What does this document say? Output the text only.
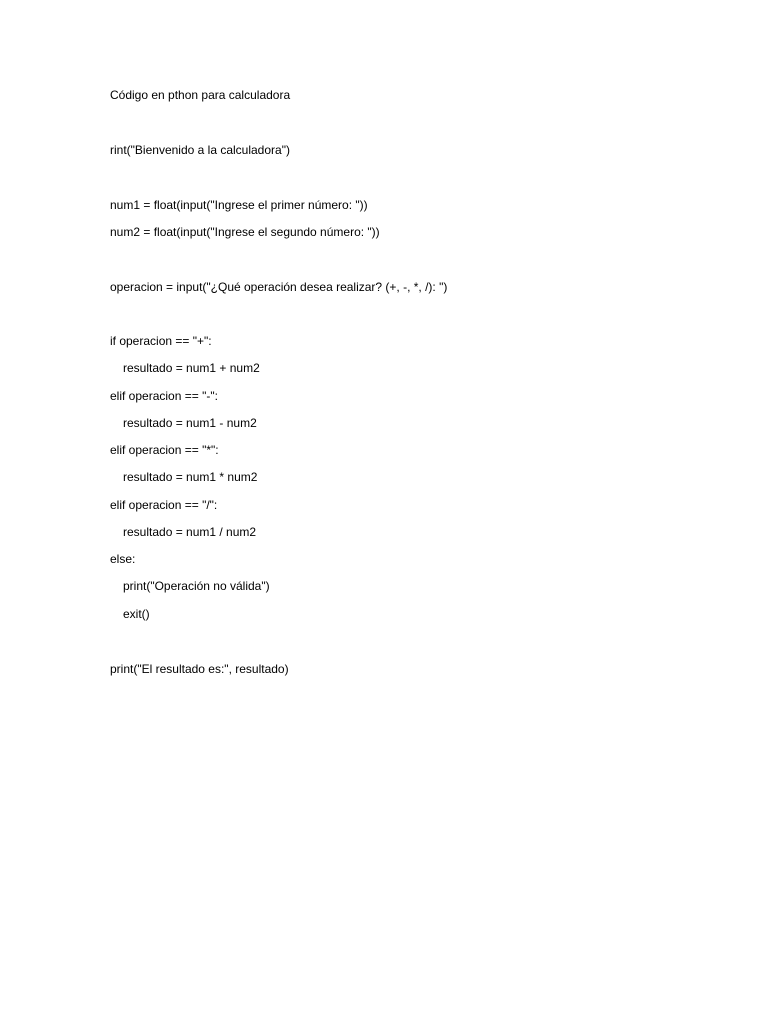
Código en pthon para calculadora

rint("Bienvenido a la calculadora")

num1 = float(input("Ingrese el primer número: "))

num2 = float(input("Ingrese el segundo número: "))

operacion = input("¿Qué operación desea realizar? (+, -, *, /): ")

if operacion == "+":

resultado = num1 + num2

elif operacion == "-":

resultado = num1 - num2

elif operacion == "*":

resultado = num1 * num2

elif operacion == "/":

resultado = num1 / num2

else:

print("Operación no válida")

exit()

print("El resultado es:", resultado)
